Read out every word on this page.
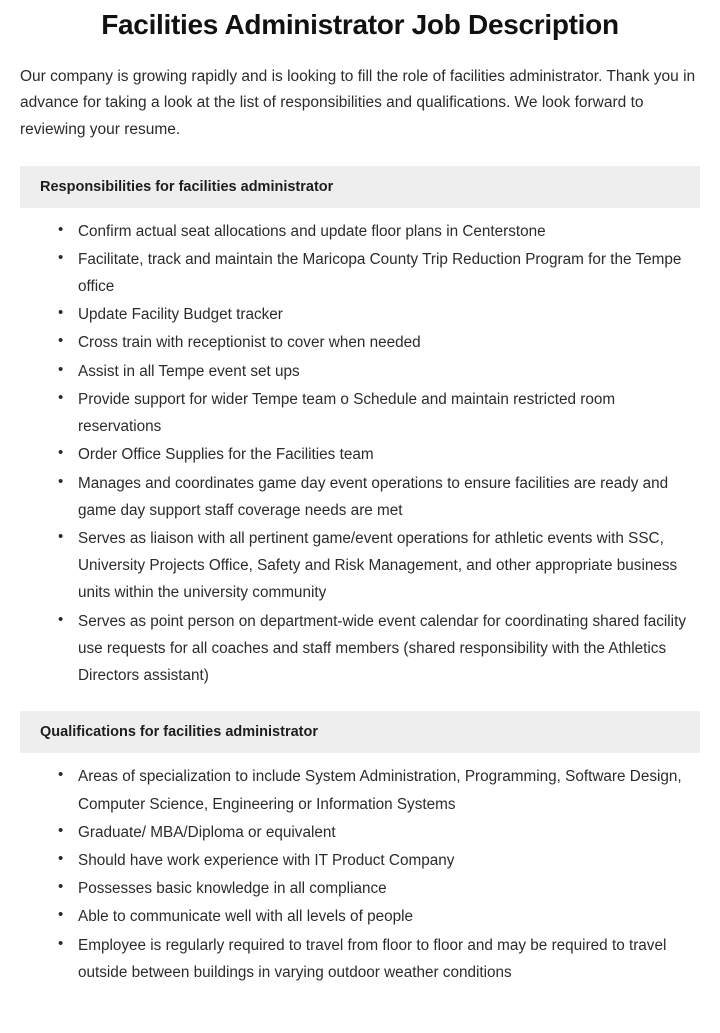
Facilities Administrator Job Description

Our company is growing rapidly and is looking to fill the role of facilities administrator. Thank you in advance for taking a look at the list of responsibilities and qualifications. We look forward to reviewing your resume.

Responsibilities for facilities administrator
• Confirm actual seat allocations and update floor plans in Centerstone
• Facilitate, track and maintain the Maricopa County Trip Reduction Program for the Tempe office
• Update Facility Budget tracker
• Cross train with receptionist to cover when needed
• Assist in all Tempe event set ups
• Provide support for wider Tempe team o Schedule and maintain restricted room reservations
• Order Office Supplies for the Facilities team
• Manages and coordinates game day event operations to ensure facilities are ready and game day support staff coverage needs are met
• Serves as liaison with all pertinent game/event operations for athletic events with SSC, University Projects Office, Safety and Risk Management, and other appropriate business units within the university community
• Serves as point person on department-wide event calendar for coordinating shared facility use requests for all coaches and staff members (shared responsibility with the Athletics Directors assistant)
Qualifications for facilities administrator
• Areas of specialization to include System Administration, Programming, Software Design, Computer Science, Engineering or Information Systems
• Graduate/ MBA/Diploma or equivalent
• Should have work experience with IT Product Company
• Possesses basic knowledge in all compliance
• Able to communicate well with all levels of people
• Employee is regularly required to travel from floor to floor and may be required to travel outside between buildings in varying outdoor weather conditions
